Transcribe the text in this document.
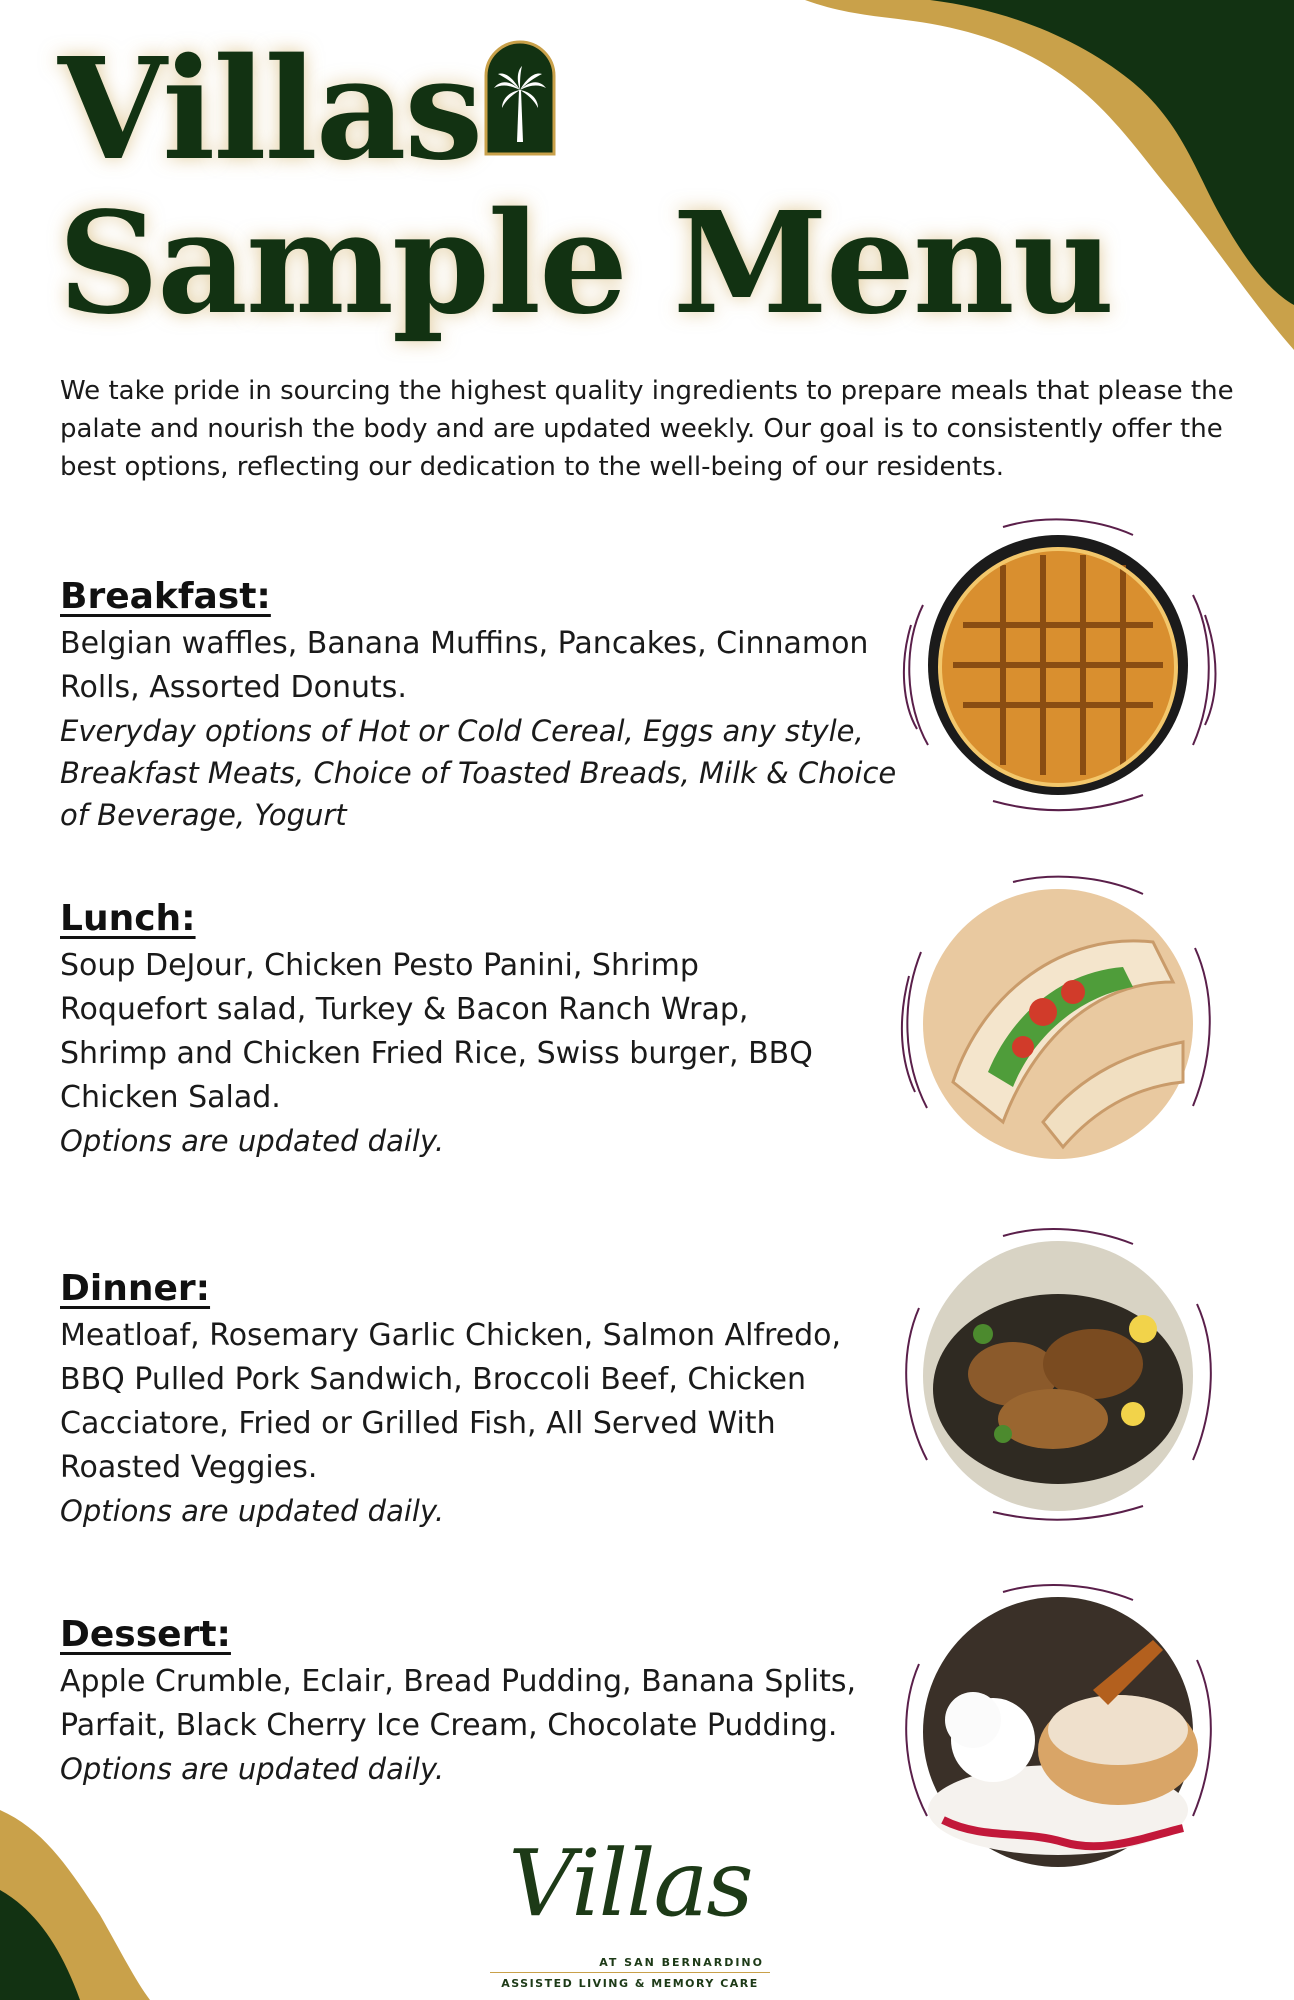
Villas
Sample Menu

We take pride in sourcing the highest quality ingredients to prepare meals that please the palate and nourish the body and are updated weekly. Our goal is to consistently offer the best options, reflecting our dedication to the well-being of our residents.

Breakfast:

Belgian waffles, Banana Muffins, Pancakes, Cinnamon Rolls, Assorted Donuts.

Everyday options of Hot or Cold Cereal, Eggs any style, Breakfast Meats, Choice of Toasted Breads, Milk & Choice of Beverage, Yogurt

Lunch:

Soup DeJour, Chicken Pesto Panini, Shrimp Roquefort salad, Turkey & Bacon Ranch Wrap, Shrimp and Chicken Fried Rice, Swiss burger, BBQ Chicken Salad.

Options are updated daily.

Dinner:

Meatloaf, Rosemary Garlic Chicken, Salmon Alfredo, BBQ Pulled Pork Sandwich, Broccoli Beef, Chicken Cacciatore, Fried or Grilled Fish, All Served With Roasted Veggies.

Options are updated daily.

Dessert:

Apple Crumble, Eclair, Bread Pudding, Banana Splits, Parfait, Black Cherry Ice Cream, Chocolate Pudding.

Options are updated daily.

Villas
AT SAN BERNARDINO
ASSISTED LIVING & MEMORY CARE
